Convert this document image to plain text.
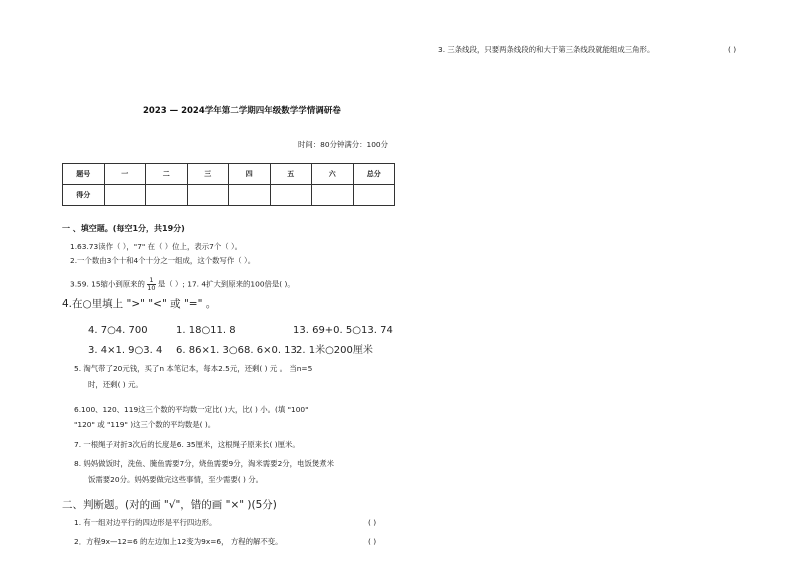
3. 三条线段，只要两条线段的和大于第三条线段就能组成三角形。	( )
2023 — 2024学年第二学期四年级数学学情调研卷
时间：80分钟满分：100分
题号	一	二	三	四	五	六	总分
得分							
一 、填空题。(每空1分，共19分)
1.63.73读作（ ），"7" 在（ ）位上，表示7个（ ）。
2.一个数由3个十和4个十分之一组成，这个数写作（ ）。
3.59. 15缩小到原来的 $\frac{1}{10}$ 是（ ）; 17. 4扩大到原来的100倍是( )。
4.在○里填上 ">" "<" 或 "=" 。
4. 7○4. 700	1. 18○11. 8	13. 69+0. 5○13. 74
3. 4×1. 9○3. 4 6. 86×1. 3○68. 6×0. 13 2. 1米○200厘米
5. 淘气带了20元钱，买了n 本笔记本，每本2.5元，还剩( ) 元 。 当n=5
时，还剩( ) 元。
6.100、120、119这三个数的平均数一定比( )大，比( ) 小。(填 "100"
"120" 或 "119" )这三个数的平均数是( )。
7. 一根绳子对折3次后的长度是6. 35厘米，这根绳子原来长( )厘米。
8. 妈妈做饭时，洗鱼、腌鱼需要7分，烧鱼需要9分，淘米需要2分，电饭煲煮米
饭需要20分。妈妈要做完这些事情，至少需要( ) 分。
二、判断题。(对的画 "√"，错的画 "×" )(5分)
1. 有一组对边平行的四边形是平行四边形。	( )
2．方程9x—12=6 的左边加上12变为9x=6， 方程的解不变。	( )
